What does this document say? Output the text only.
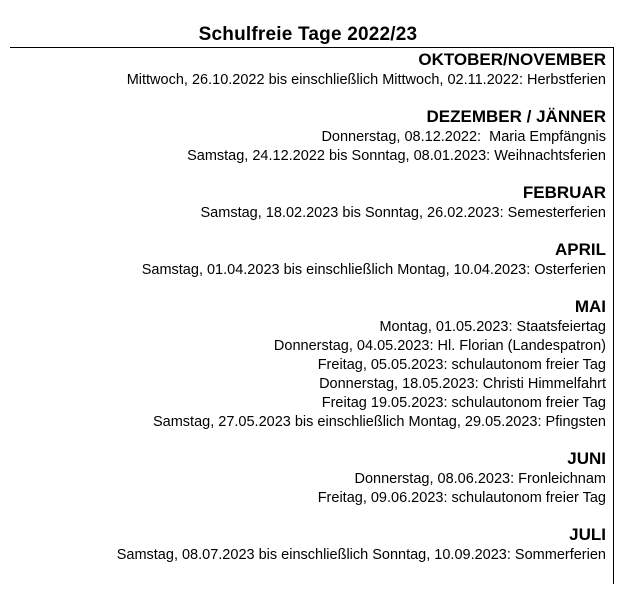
Schulfreie Tage 2022/23
OKTOBER/NOVEMBER
Mittwoch, 26.10.2022 bis einschließlich Mittwoch, 02.11.2022: Herbstferien
DEZEMBER / JÄNNER
Donnerstag, 08.12.2022:  Maria Empfängnis
Samstag, 24.12.2022 bis Sonntag, 08.01.2023: Weihnachtsferien
FEBRUAR
Samstag, 18.02.2023 bis Sonntag, 26.02.2023: Semesterferien
APRIL
Samstag, 01.04.2023 bis einschließlich Montag, 10.04.2023: Osterferien
MAI
Montag, 01.05.2023: Staatsfeiertag
Donnerstag, 04.05.2023: Hl. Florian (Landespatron)
Freitag, 05.05.2023: schulautonom freier Tag
Donnerstag, 18.05.2023: Christi Himmelfahrt
Freitag 19.05.2023: schulautonom freier Tag
Samstag, 27.05.2023 bis einschließlich Montag, 29.05.2023: Pfingsten
JUNI
Donnerstag, 08.06.2023: Fronleichnam
Freitag, 09.06.2023: schulautonom freier Tag
JULI
Samstag, 08.07.2023 bis einschließlich Sonntag, 10.09.2023: Sommerferien
